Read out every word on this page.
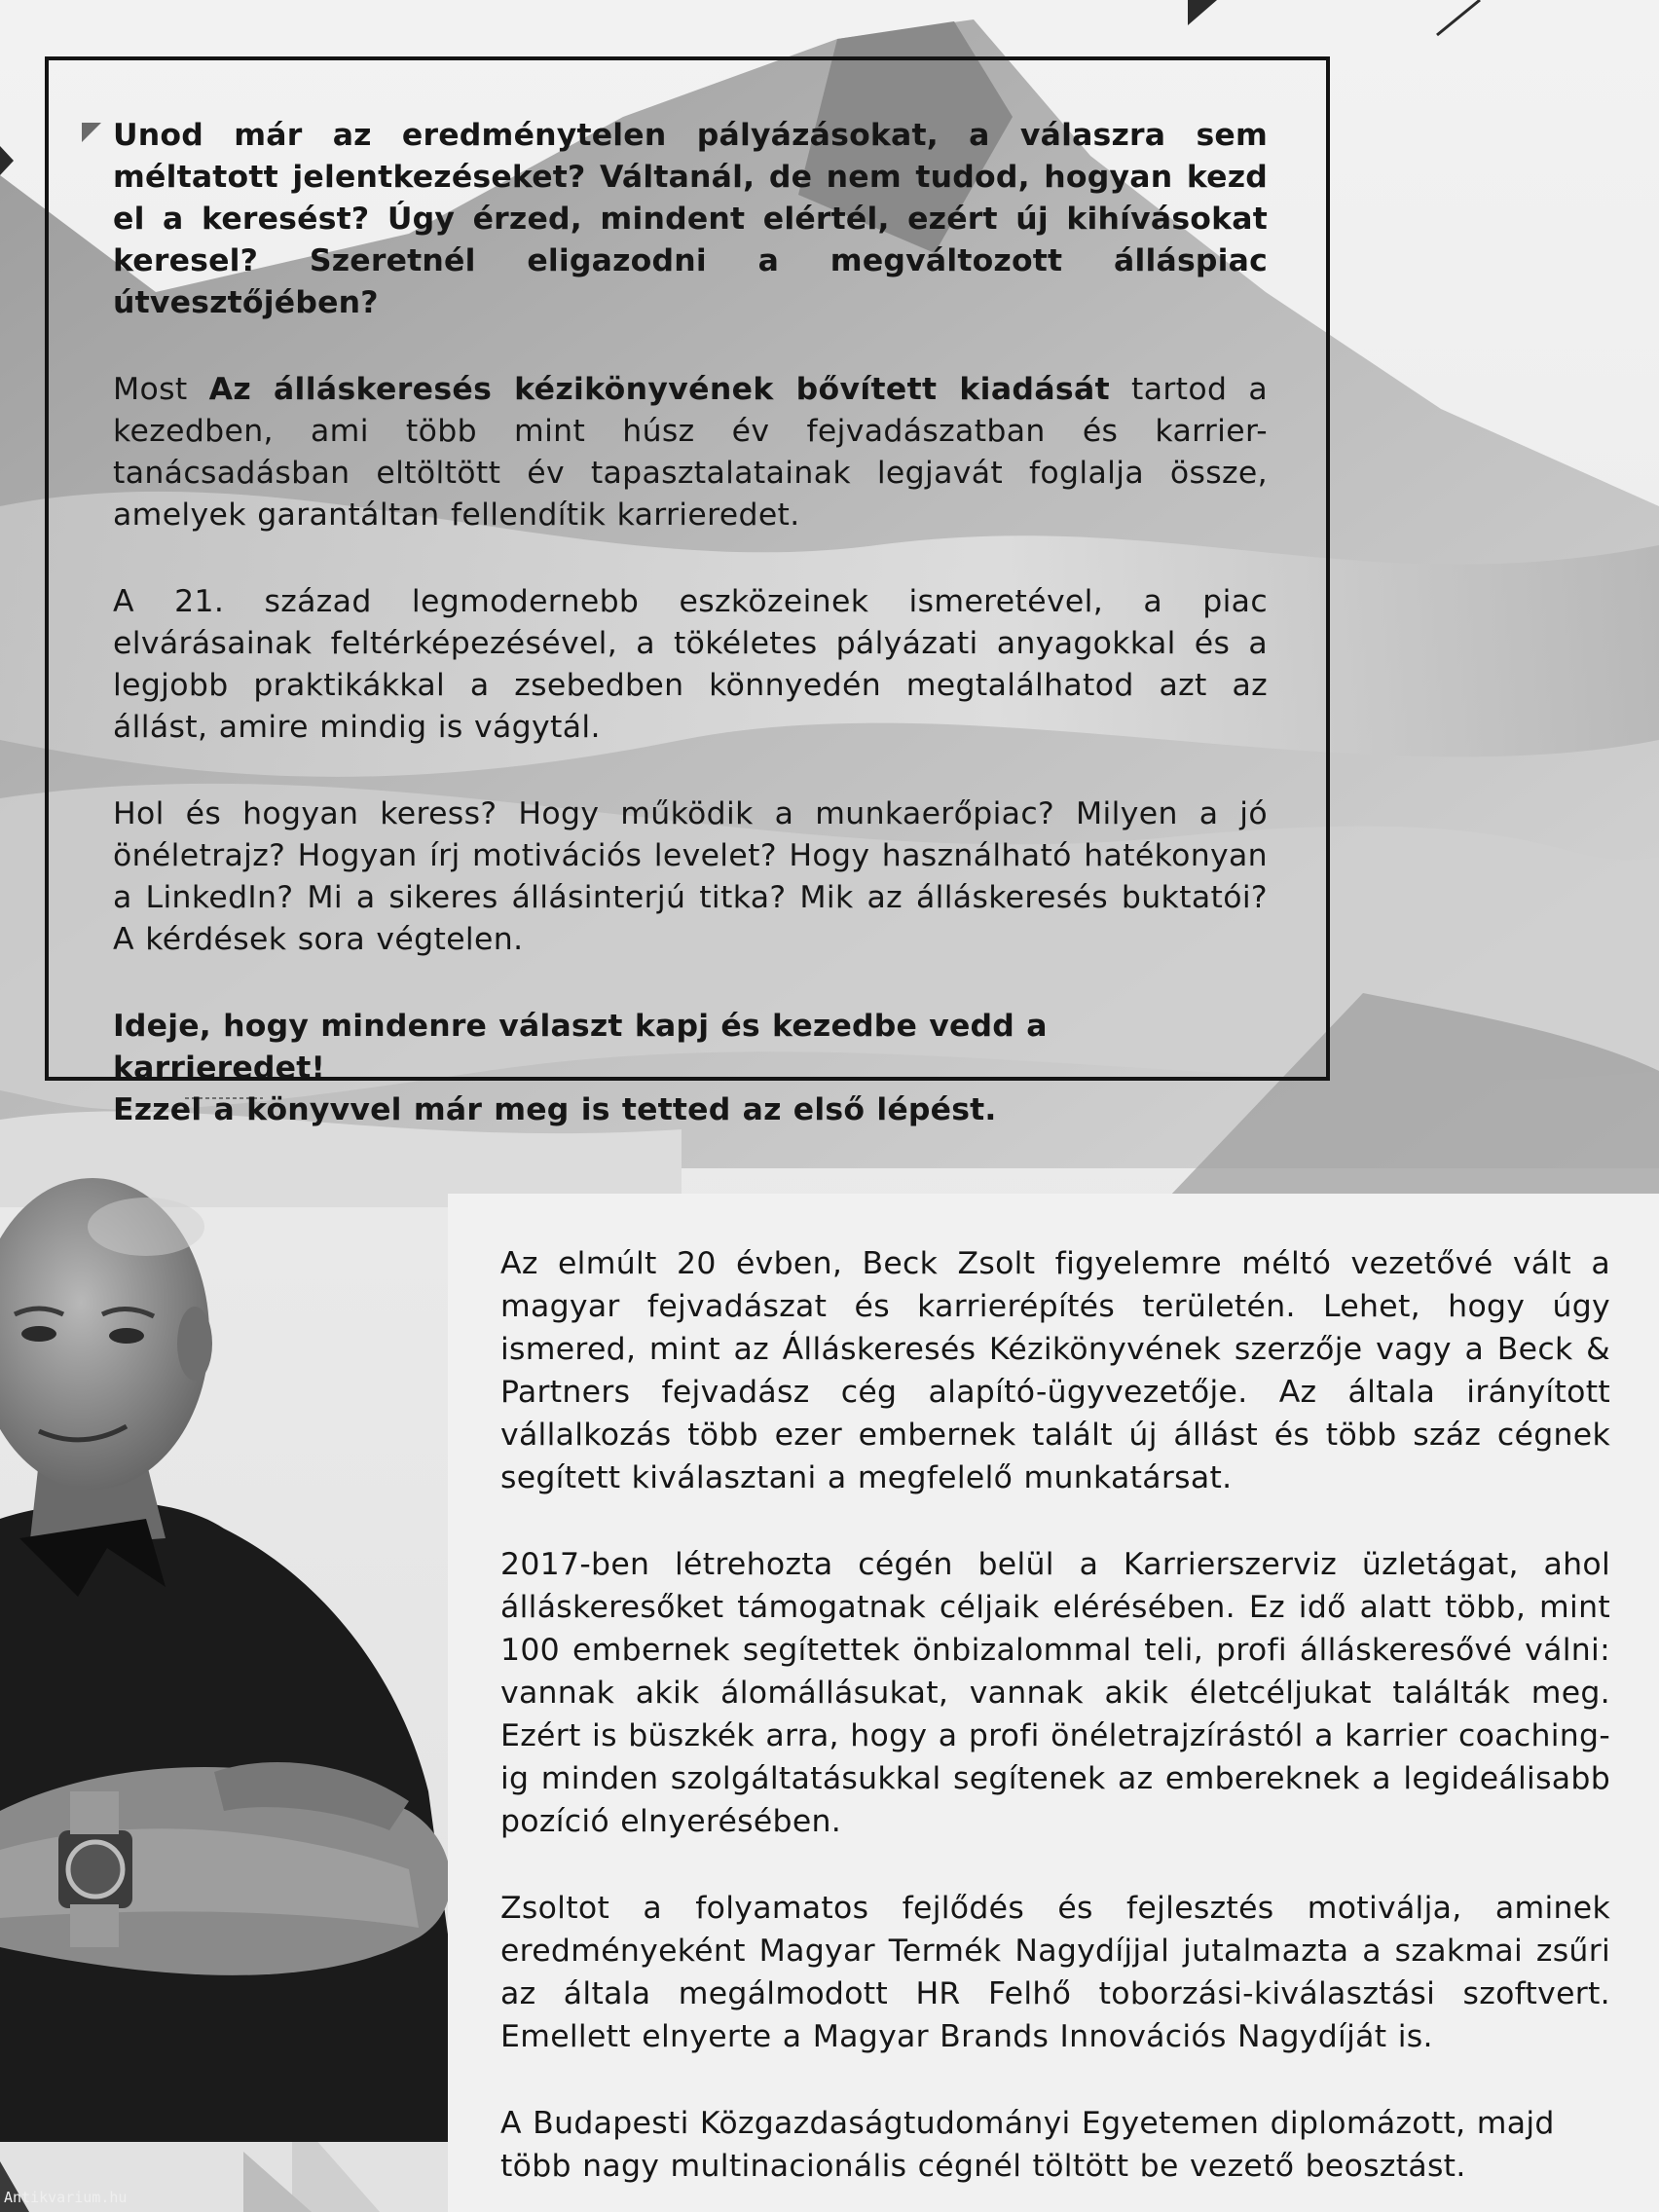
Unod már az eredménytelen pályázásokat, a válaszra sem méltatott jelentkezéseket? Váltanál, de nem tudod, hogyan kezd el a keresést? Úgy érzed, mindent elértél, ezért új kihívásokat keresel? Szeretnél eligazodni a megváltozott álláspiac útvesztőjében?

Most Az álláskeresés kézikönyvének bővített kiadását tartod a kezedben, ami több mint húsz év fejvadászatban és karrier-tanácsadásban eltöltött év tapasztalatainak legjavát foglalja össze, amelyek garantáltan fellendítik karrieredet.

A 21. század legmodernebb eszközeinek ismeretével, a piac elvárásainak feltérképezésével, a tökéletes pályázati anyagokkal és a legjobb praktikákkal a zsebedben könnyedén megtalálhatod azt az állást, amire mindig is vágytál.

Hol és hogyan keress? Hogy működik a munkaerőpiac? Milyen a jó önéletrajz? Hogyan írj motivációs levelet? Hogy használható hatékonyan a LinkedIn? Mi a sikeres állásinterjú titka? Mik az álláskeresés buktatói? A kérdések sora végtelen.

Ideje, hogy mindenre választ kapj és kezedbe vedd a karrieredet!
Ezzel a könyvvel már meg is tetted az első lépést.

Az elmúlt 20 évben, Beck Zsolt figyelemre méltó vezetővé vált a magyar fejvadászat és karrierépítés területén. Lehet, hogy úgy ismered, mint az Álláskeresés Kézikönyvének szerzője vagy a Beck & Partners fejvadász cég alapító-ügyvezetője. Az általa irányított vállalkozás több ezer embernek talált új állást és több száz cégnek segített kiválasztani a megfelelő munkatársat.

2017-ben létrehozta cégén belül a Karrierszerviz üzletágat, ahol álláskeresőket támogatnak céljaik elérésében. Ez idő alatt több, mint 100 embernek segítettek önbizalommal teli, profi álláskeresővé válni: vannak akik álomállásukat, vannak akik életcéljukat találták meg. Ezért is büszkék arra, hogy a profi önéletrajzírástól a karrier coaching-ig minden szolgáltatásukkal segítenek az embereknek a legideálisabb pozíció elnyerésében.

Zsoltot a folyamatos fejlődés és fejlesztés motiválja, aminek eredményeként Magyar Termék Nagydíjjal jutalmazta a szakmai zsűri az általa megálmodott HR Felhő toborzási-kiválasztási szoftvert. Emellett elnyerte a Magyar Brands Innovációs Nagydíját is.

A Budapesti Közgazdaságtudományi Egyetemen diplomázott, majd több nagy multinacionális cégnél töltött be vezető beosztást.

Antikvarium.hu
